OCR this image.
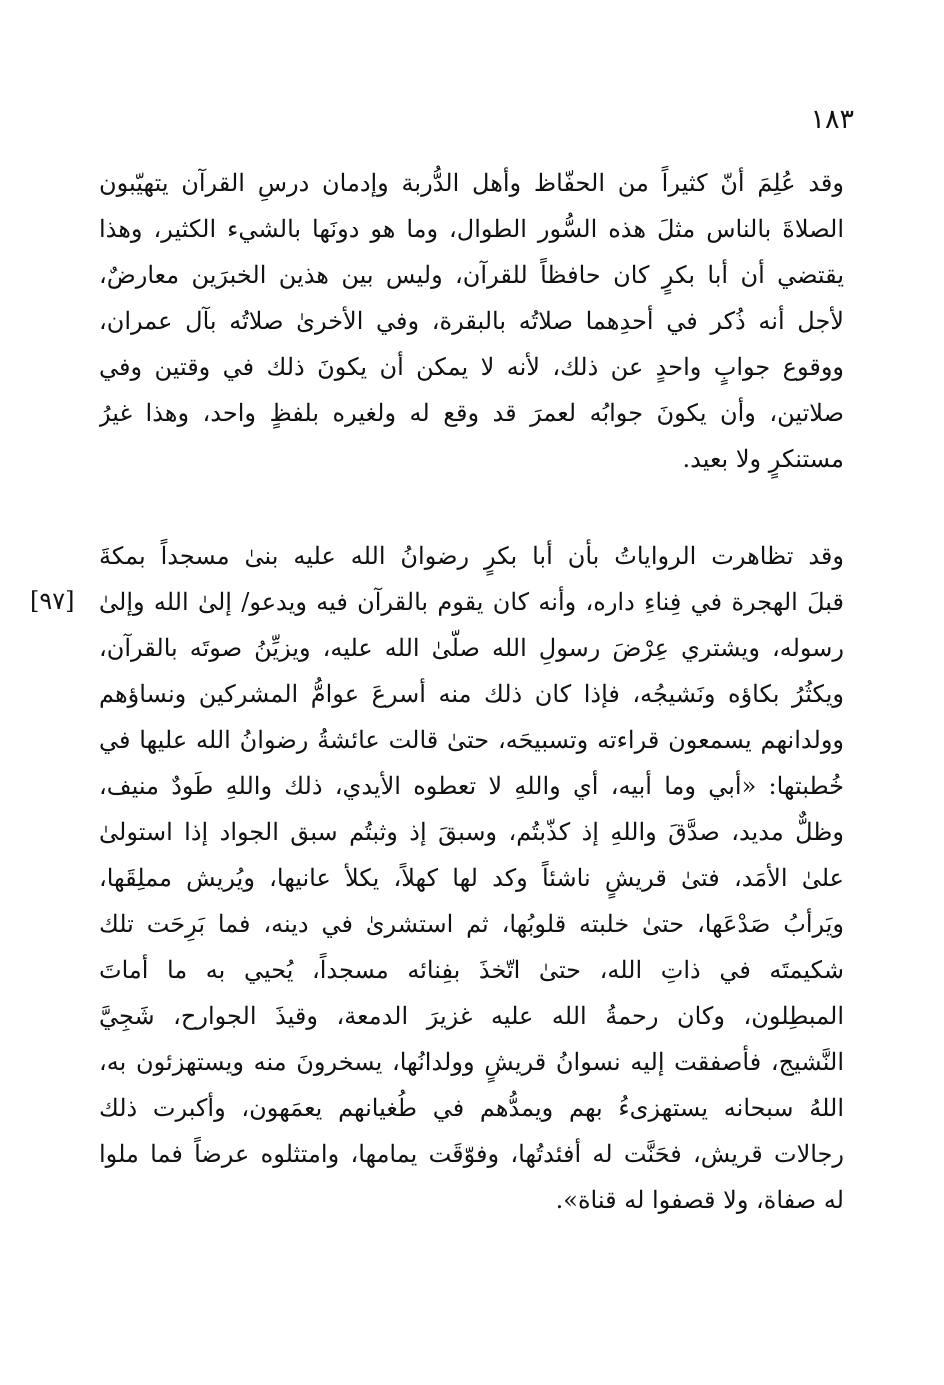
١٨٣
[٩٧]
وقد عُلِمَ أنّ كثيراً من الحفّاظ وأهل الدُّربة وإدمان درسِ القرآن يتهيّبون
الصلاةَ بالناس مثلَ هذه السُّور الطوال، وما هو دونَها بالشيء الكثير، وهذا
يقتضي أن أبا بكرٍ كان حافظاً للقرآن، وليس بين هذين الخبرَين معارضٌ،
لأجل أنه ذُكر في أحدِهما صلاتُه بالبقرة، وفي الأخرىٰ صلاتُه بآل عمران،
ووقوع جوابٍ واحدٍ عن ذلك، لأنه لا يمكن أن يكونَ ذلك في وقتين وفي
صلاتين، وأن يكونَ جوابُه لعمرَ قد وقع له ولغيره بلفظٍ واحد، وهذا غيرُ
مستنكرٍ ولا بعيد.
وقد تظاهرت الرواياتُ بأن أبا بكرٍ رضوانُ الله عليه بنىٰ مسجداً بمكةَ
قبلَ الهجرة في فِناءِ داره، وأنه كان يقوم بالقرآن فيه ويدعو/ إلىٰ الله وإلىٰ
رسوله، ويشتري عِرْضَ رسولِ الله صلّىٰ الله عليه، ويزيِّنُ صوتَه بالقرآن،
ويكثُرُ بكاؤه ونَشيجُه، فإذا كان ذلك منه أسرعَ عوامُّ المشركين ونساؤهم
وولدانهم يسمعون قراءته وتسبيحَه، حتىٰ قالت عائشةُ رضوانُ الله عليها في
خُطبتها: «أبي وما أبيه، أي واللهِ لا تعطوه الأيدي، ذلك واللهِ طَودٌ منيف،
وظلٌّ مديد، صدَّقَ واللهِ إذ كذّبتُم، وسبقَ إذ وثبتُم سبق الجواد إذا استولىٰ
علىٰ الأمَد، فتىٰ قريشٍ ناشئاً وكد لها كهلاً، يكلأ عانيها، ويُريش مملِقَها،
ويَرأبُ صَدْعَها، حتىٰ خلبته قلوبُها، ثم استشرىٰ في دينه، فما بَرِحَت تلك
شكيمتَه في ذاتِ الله، حتىٰ اتّخذَ بفِنائه مسجداً، يُحيي به ما أماتَ
المبطِلون، وكان رحمةُ الله عليه غزيرَ الدمعة، وقيذَ الجوارح، شَجِيَّ
النَّشيج، فأصفقت إليه نسوانُ قريشٍ وولدانُها، يسخرونَ منه ويستهزئون به،
اللهُ سبحانه يستهزىءُ بهم ويمدُّهم في طُغيانهم يعمَهون، وأكبرت ذلك
رجالات قريش، فحَنَّت له أفئدتُها، وفوّقَت يمامها، وامتثلوه عرضاً فما ملوا
له صفاة، ولا قصفوا له قناة».
